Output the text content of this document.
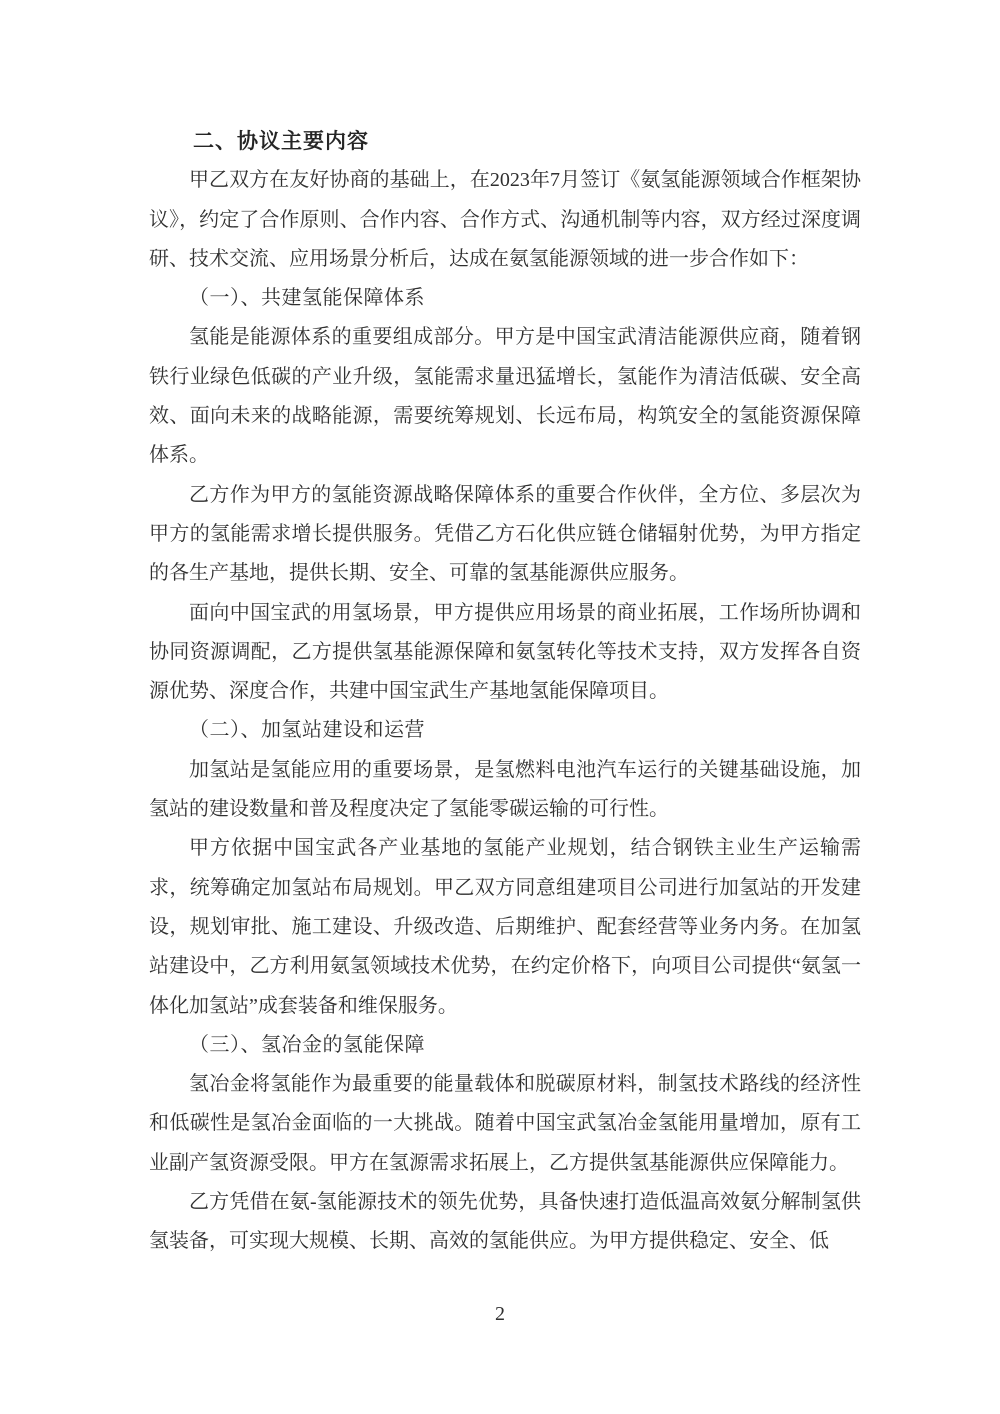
二、协议主要内容

甲乙双方在友好协商的基础上，在2023年7月签订《氨氢能源领域合作框架协议》，约定了合作原则、合作内容、合作方式、沟通机制等内容，双方经过深度调研、技术交流、应用场景分析后，达成在氨氢能源领域的进一步合作如下：

（一）、共建氢能保障体系

氢能是能源体系的重要组成部分。甲方是中国宝武清洁能源供应商，随着钢铁行业绿色低碳的产业升级，氢能需求量迅猛增长，氢能作为清洁低碳、安全高效、面向未来的战略能源，需要统筹规划、长远布局，构筑安全的氢能资源保障体系。

乙方作为甲方的氢能资源战略保障体系的重要合作伙伴，全方位、多层次为甲方的氢能需求增长提供服务。凭借乙方石化供应链仓储辐射优势，为甲方指定的各生产基地，提供长期、安全、可靠的氢基能源供应服务。

面向中国宝武的用氢场景，甲方提供应用场景的商业拓展，工作场所协调和协同资源调配，乙方提供氢基能源保障和氨氢转化等技术支持，双方发挥各自资源优势、深度合作，共建中国宝武生产基地氢能保障项目。

（二）、加氢站建设和运营

加氢站是氢能应用的重要场景，是氢燃料电池汽车运行的关键基础设施，加氢站的建设数量和普及程度决定了氢能零碳运输的可行性。

甲方依据中国宝武各产业基地的氢能产业规划，结合钢铁主业生产运输需求，统筹确定加氢站布局规划。甲乙双方同意组建项目公司进行加氢站的开发建设，规划审批、施工建设、升级改造、后期维护、配套经营等业务内务。在加氢站建设中，乙方利用氨氢领域技术优势，在约定价格下，向项目公司提供“氨氢一体化加氢站”成套装备和维保服务。

（三）、氢冶金的氢能保障

氢冶金将氢能作为最重要的能量载体和脱碳原材料，制氢技术路线的经济性和低碳性是氢冶金面临的一大挑战。随着中国宝武氢冶金氢能用量增加，原有工业副产氢资源受限。甲方在氢源需求拓展上，乙方提供氢基能源供应保障能力。

乙方凭借在氨-氢能源技术的领先优势，具备快速打造低温高效氨分解制氢供氢装备，可实现大规模、长期、高效的氢能供应。为甲方提供稳定、安全、低

2
